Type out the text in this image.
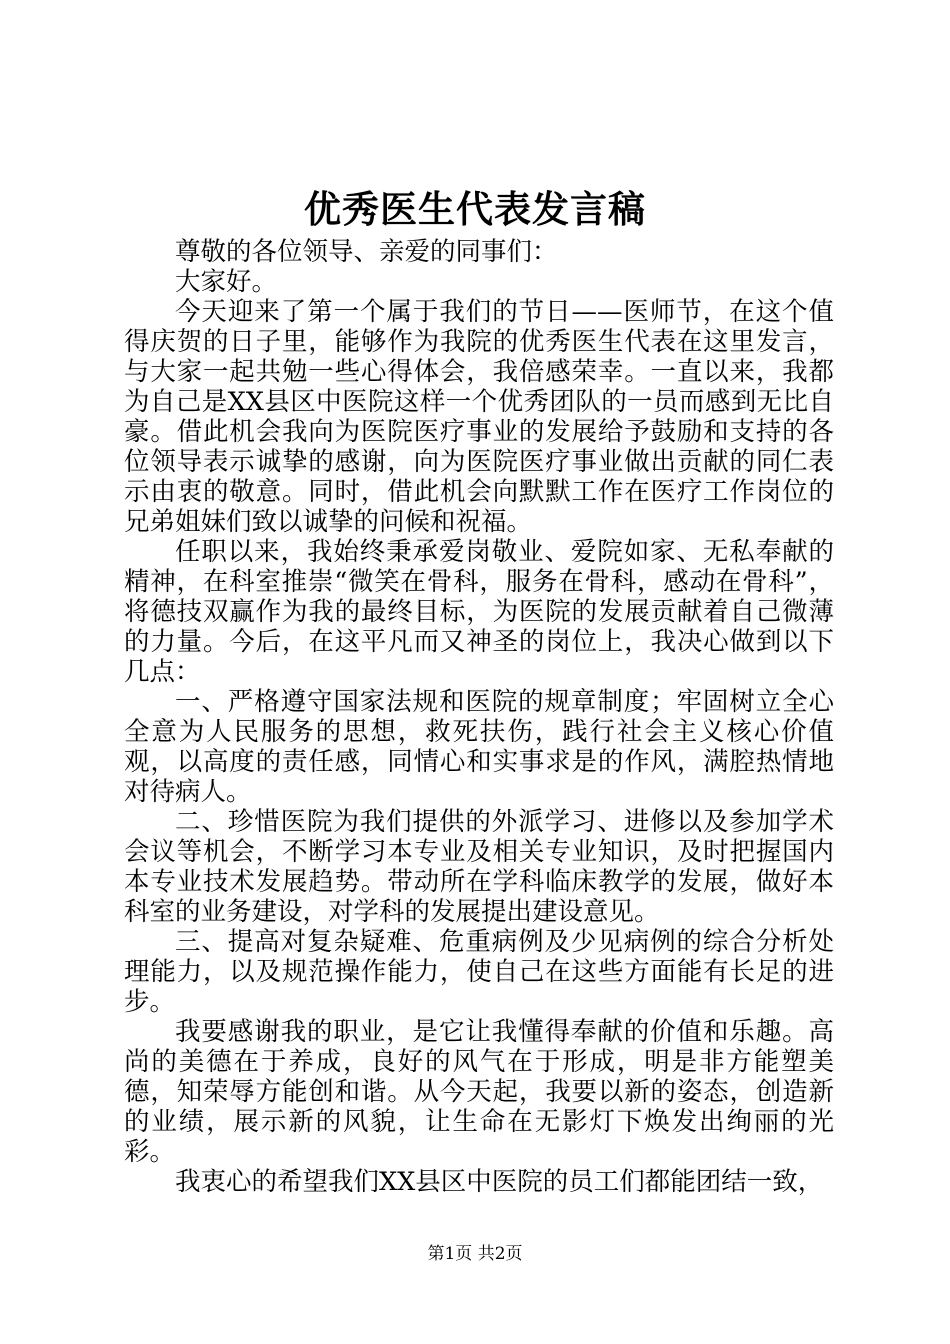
优秀医生代表发言稿

尊敬的各位领导、亲爱的同事们：

大家好。

今天迎来了第一个属于我们的节日——医师节，在这个值得庆贺的日子里，能够作为我院的优秀医生代表在这里发言，与大家一起共勉一些心得体会，我倍感荣幸。一直以来，我都为自己是XX县区中医院这样一个优秀团队的一员而感到无比自豪。借此机会我向为医院医疗事业的发展给予鼓励和支持的各位领导表示诚挚的感谢，向为医院医疗事业做出贡献的同仁表示由衷的敬意。同时，借此机会向默默工作在医疗工作岗位的兄弟姐妹们致以诚挚的问候和祝福。

任职以来，我始终秉承爱岗敬业、爱院如家、无私奉献的精神，在科室推崇“微笑在骨科，服务在骨科，感动在骨科”，将德技双赢作为我的最终目标，为医院的发展贡献着自己微薄的力量。今后，在这平凡而又神圣的岗位上，我决心做到以下几点：

一、严格遵守国家法规和医院的规章制度；牢固树立全心全意为人民服务的思想，救死扶伤，践行社会主义核心价值观，以高度的责任感，同情心和实事求是的作风，满腔热情地对待病人。

二、珍惜医院为我们提供的外派学习、进修以及参加学术会议等机会，不断学习本专业及相关专业知识，及时把握国内本专业技术发展趋势。带动所在学科临床教学的发展，做好本科室的业务建设，对学科的发展提出建设意见。

三、提高对复杂疑难、危重病例及少见病例的综合分析处理能力，以及规范操作能力，使自己在这些方面能有长足的进步。

我要感谢我的职业，是它让我懂得奉献的价值和乐趣。高尚的美德在于养成，良好的风气在于形成，明是非方能塑美德，知荣辱方能创和谐。从今天起，我要以新的姿态，创造新的业绩，展示新的风貌，让生命在无影灯下焕发出绚丽的光彩。

我衷心的希望我们XX县区中医院的员工们都能团结一致，

第1页 共2页
